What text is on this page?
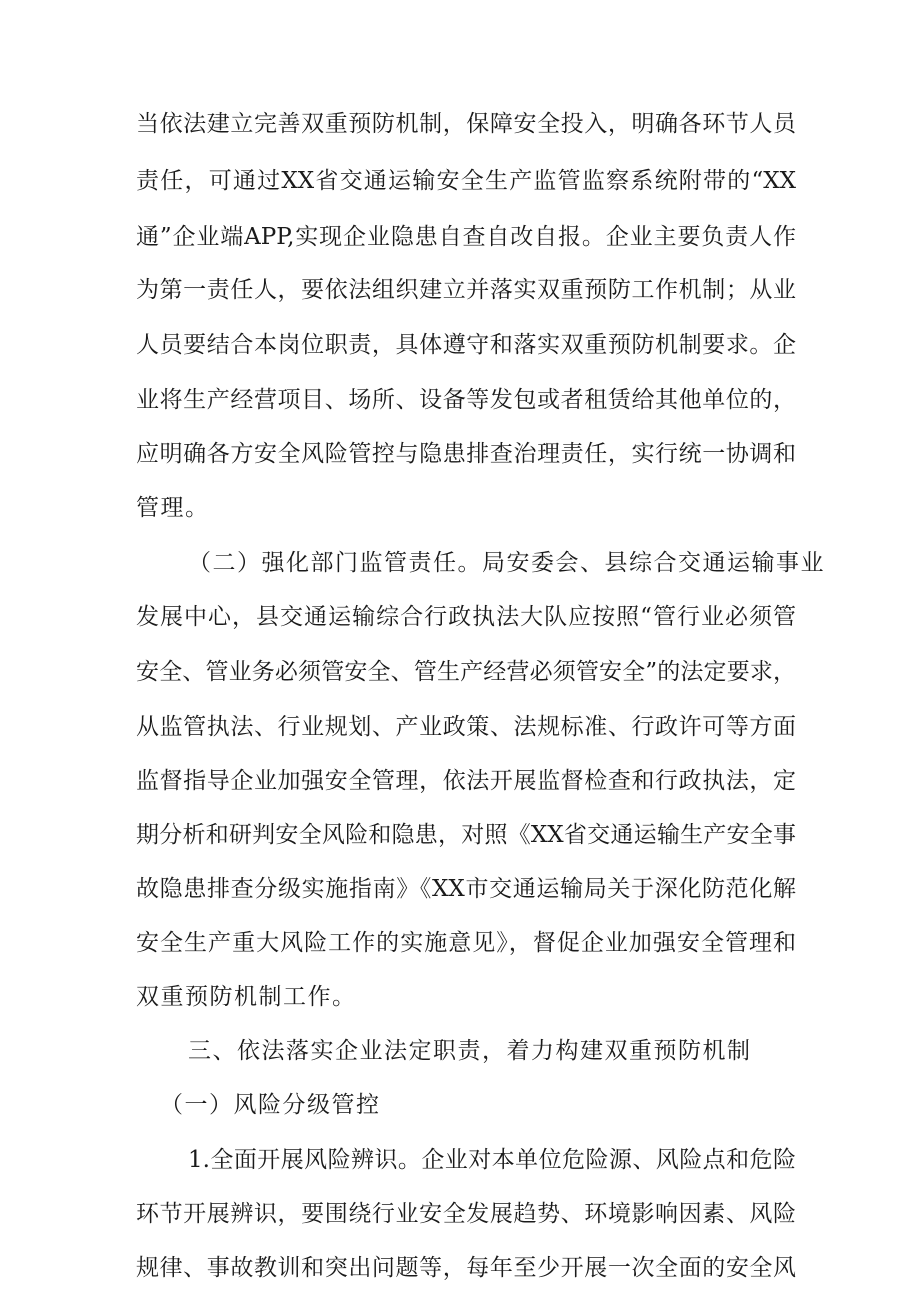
当依法建立完善双重预防机制，保障安全投入，明确各环节人员
责任，可通过XX省交通运输安全生产监管监察系统附带的“XX
通”企业端APP,实现企业隐患自查自改自报。企业主要负责人作
为第一责任人，要依法组织建立并落实双重预防工作机制；从业
人员要结合本岗位职责，具体遵守和落实双重预防机制要求。企
业将生产经营项目、场所、设备等发包或者租赁给其他单位的，
应明确各方安全风险管控与隐患排查治理责任，实行统一协调和
管理。
（二）强化部门监管责任。局安委会、县综合交通运输事业
发展中心，县交通运输综合行政执法大队应按照“管行业必须管
安全、管业务必须管安全、管生产经营必须管安全”的法定要求，
从监管执法、行业规划、产业政策、法规标准、行政许可等方面
监督指导企业加强安全管理，依法开展监督检查和行政执法，定
期分析和研判安全风险和隐患，对照《XX省交通运输生产安全事
故隐患排查分级实施指南》《XX市交通运输局关于深化防范化解
安全生产重大风险工作的实施意见》，督促企业加强安全管理和
双重预防机制工作。
三、依法落实企业法定职责，着力构建双重预防机制
（一）风险分级管控
1.全面开展风险辨识。企业对本单位危险源、风险点和危险
环节开展辨识，要围绕行业安全发展趋势、环境影响因素、风险
规律、事故教训和突出问题等，每年至少开展一次全面的安全风
